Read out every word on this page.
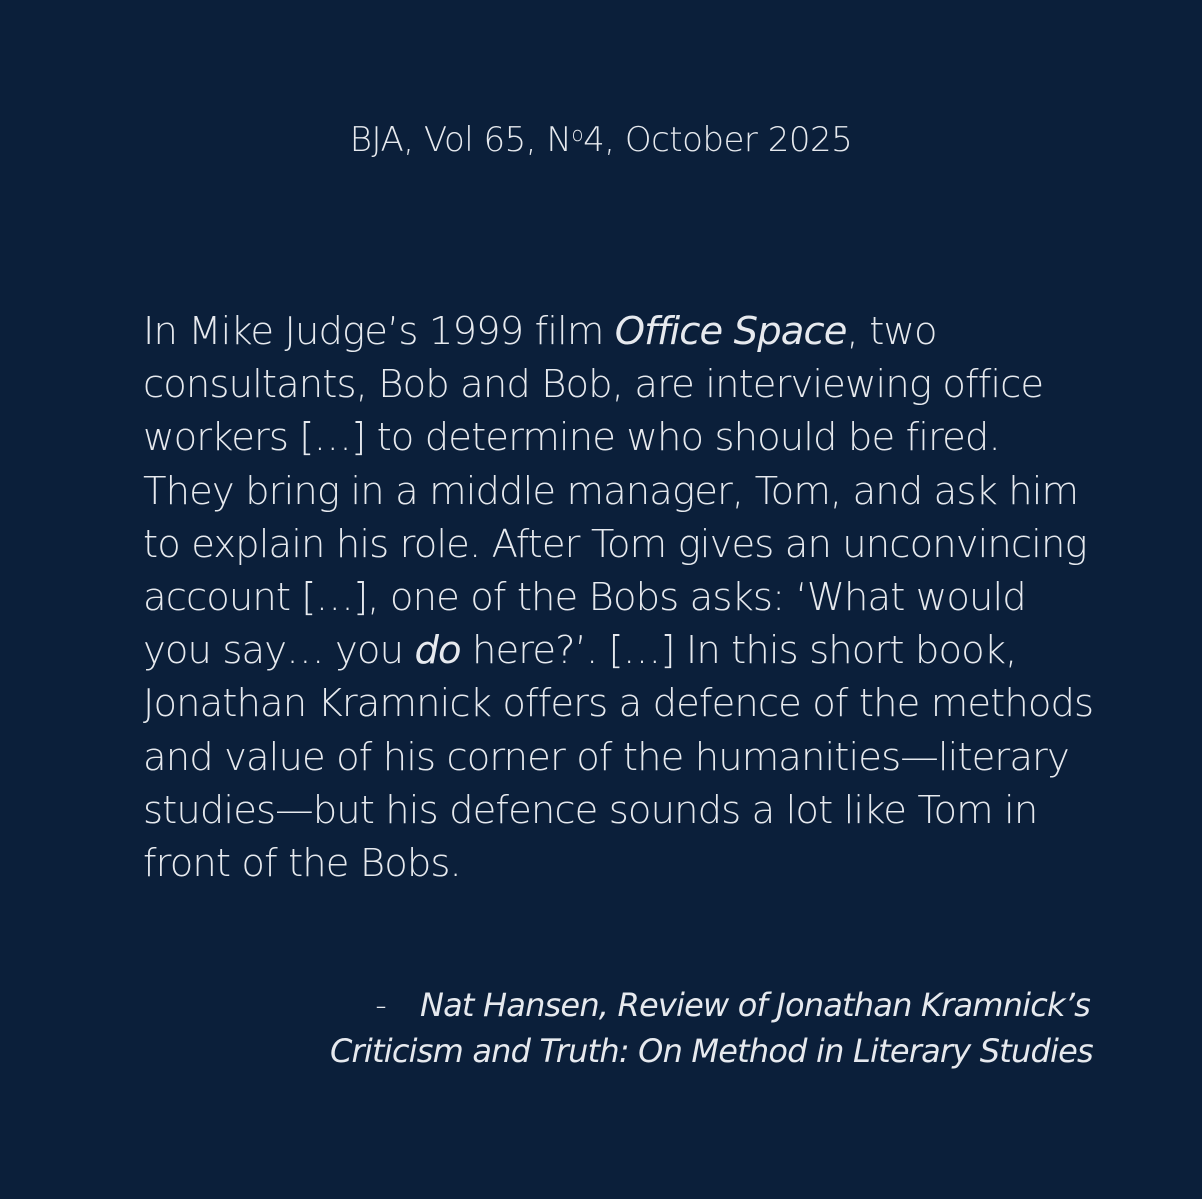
BJA, Vol 65, $N^o4$, October 2025
In Mike Judge’s 1999 film Office Space, two
consultants, Bob and Bob, are interviewing office
workers […] to determine who should be fired.
They bring in a middle manager, Tom, and ask him
to explain his role. After Tom gives an unconvincing
account […], one of the Bobs asks: ‘What would
you say… you do here?’. […] In this short book,
Jonathan Kramnick offers a defence of the methods
and value of his corner of the humanities—literary
studies—but his defence sounds a lot like Tom in
front of the Bobs.
- Nat Hansen, Review of Jonathan Kramnick’s
Criticism and Truth: On Method in Literary Studies
